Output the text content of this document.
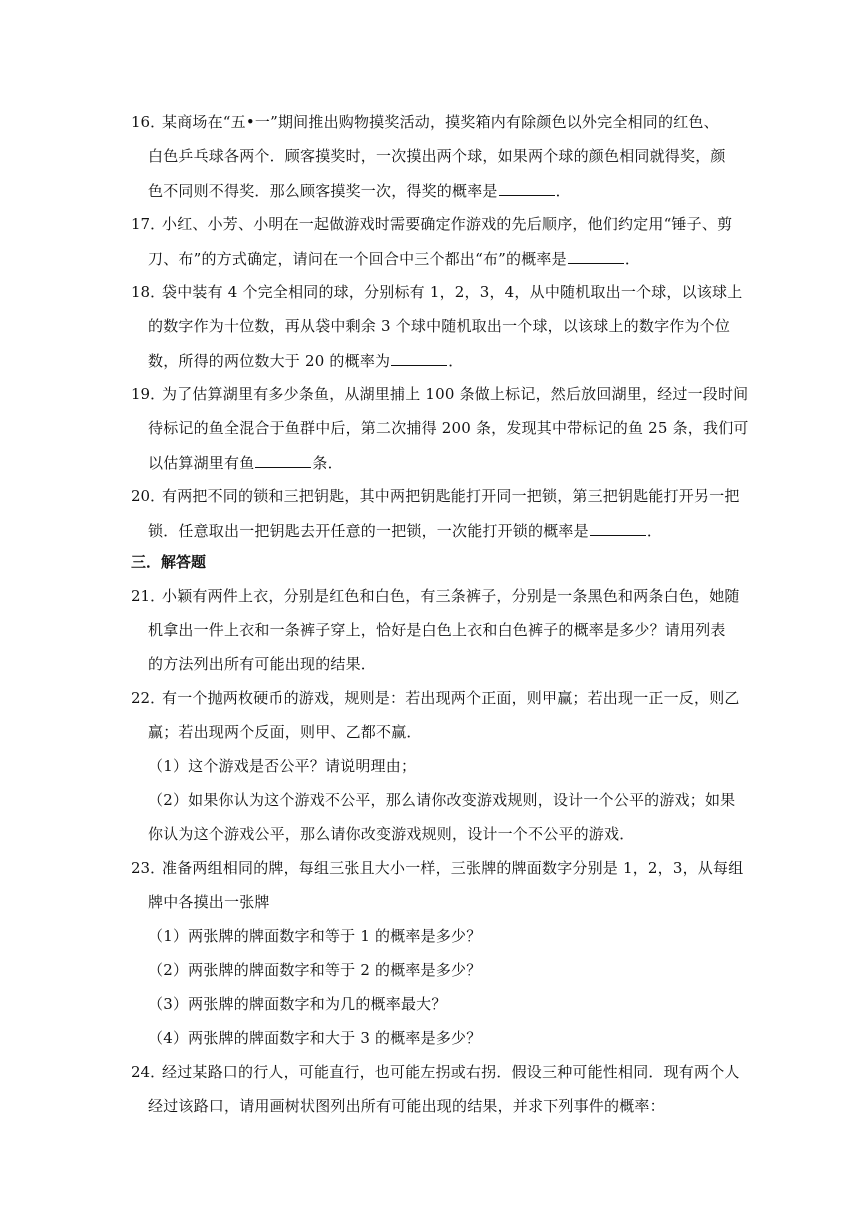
16．
某商场在“五•一”期间推出购物摸奖活动，摸奖箱内有除颜色以外完全相同的红色、
白色乒乓球各两个．顾客摸奖时，一次摸出两个球，如果两个球的颜色相同就得奖，颜
色不同则不得奖．那么顾客摸奖一次，得奖的概率是	．
17．
小红、小芳、小明在一起做游戏时需要确定作游戏的先后顺序，他们约定用“锤子、剪
刀、布”的方式确定，请问在一个回合中三个都出“布”的概率是	．
18．
袋中装有 4 个完全相同的球，分别标有 1，2，3，4，从中随机取出一个球，以该球上
的数字作为十位数，再从袋中剩余 3 个球中随机取出一个球，以该球上的数字作为个位
数，所得的两位数大于 20 的概率为	．
19．
为了估算湖里有多少条鱼，从湖里捕上 100 条做上标记，然后放回湖里，经过一段时间
待标记的鱼全混合于鱼群中后，第二次捕得 200 条，发现其中带标记的鱼 25 条，我们可
以估算湖里有鱼	条．
20．
有两把不同的锁和三把钥匙，其中两把钥匙能打开同一把锁，第三把钥匙能打开另一把
锁．任意取出一把钥匙去开任意的一把锁，一次能打开锁的概率是	．
三．解答题
21．
小颖有两件上衣，分别是红色和白色，有三条裤子，分别是一条黑色和两条白色，她随
机拿出一件上衣和一条裤子穿上，恰好是白色上衣和白色裤子的概率是多少？请用列表
的方法列出所有可能出现的结果．
22．
有一个抛两枚硬币的游戏，规则是：若出现两个正面，则甲赢；若出现一正一反，则乙
赢；若出现两个反面，则甲、乙都不赢．
（1）这个游戏是否公平？请说明理由；
（2）如果你认为这个游戏不公平，那么请你改变游戏规则，设计一个公平的游戏；如果
你认为这个游戏公平，那么请你改变游戏规则，设计一个不公平的游戏．
23．
准备两组相同的牌，每组三张且大小一样，三张牌的牌面数字分别是 1，2，3，从每组
牌中各摸出一张牌
（1）两张牌的牌面数字和等于 1 的概率是多少？
（2）两张牌的牌面数字和等于 2 的概率是多少？
（3）两张牌的牌面数字和为几的概率最大？
（4）两张牌的牌面数字和大于 3 的概率是多少？
24．
经过某路口的行人，可能直行，也可能左拐或右拐．假设三种可能性相同．现有两个人
经过该路口，请用画树状图列出所有可能出现的结果，并求下列事件的概率：
